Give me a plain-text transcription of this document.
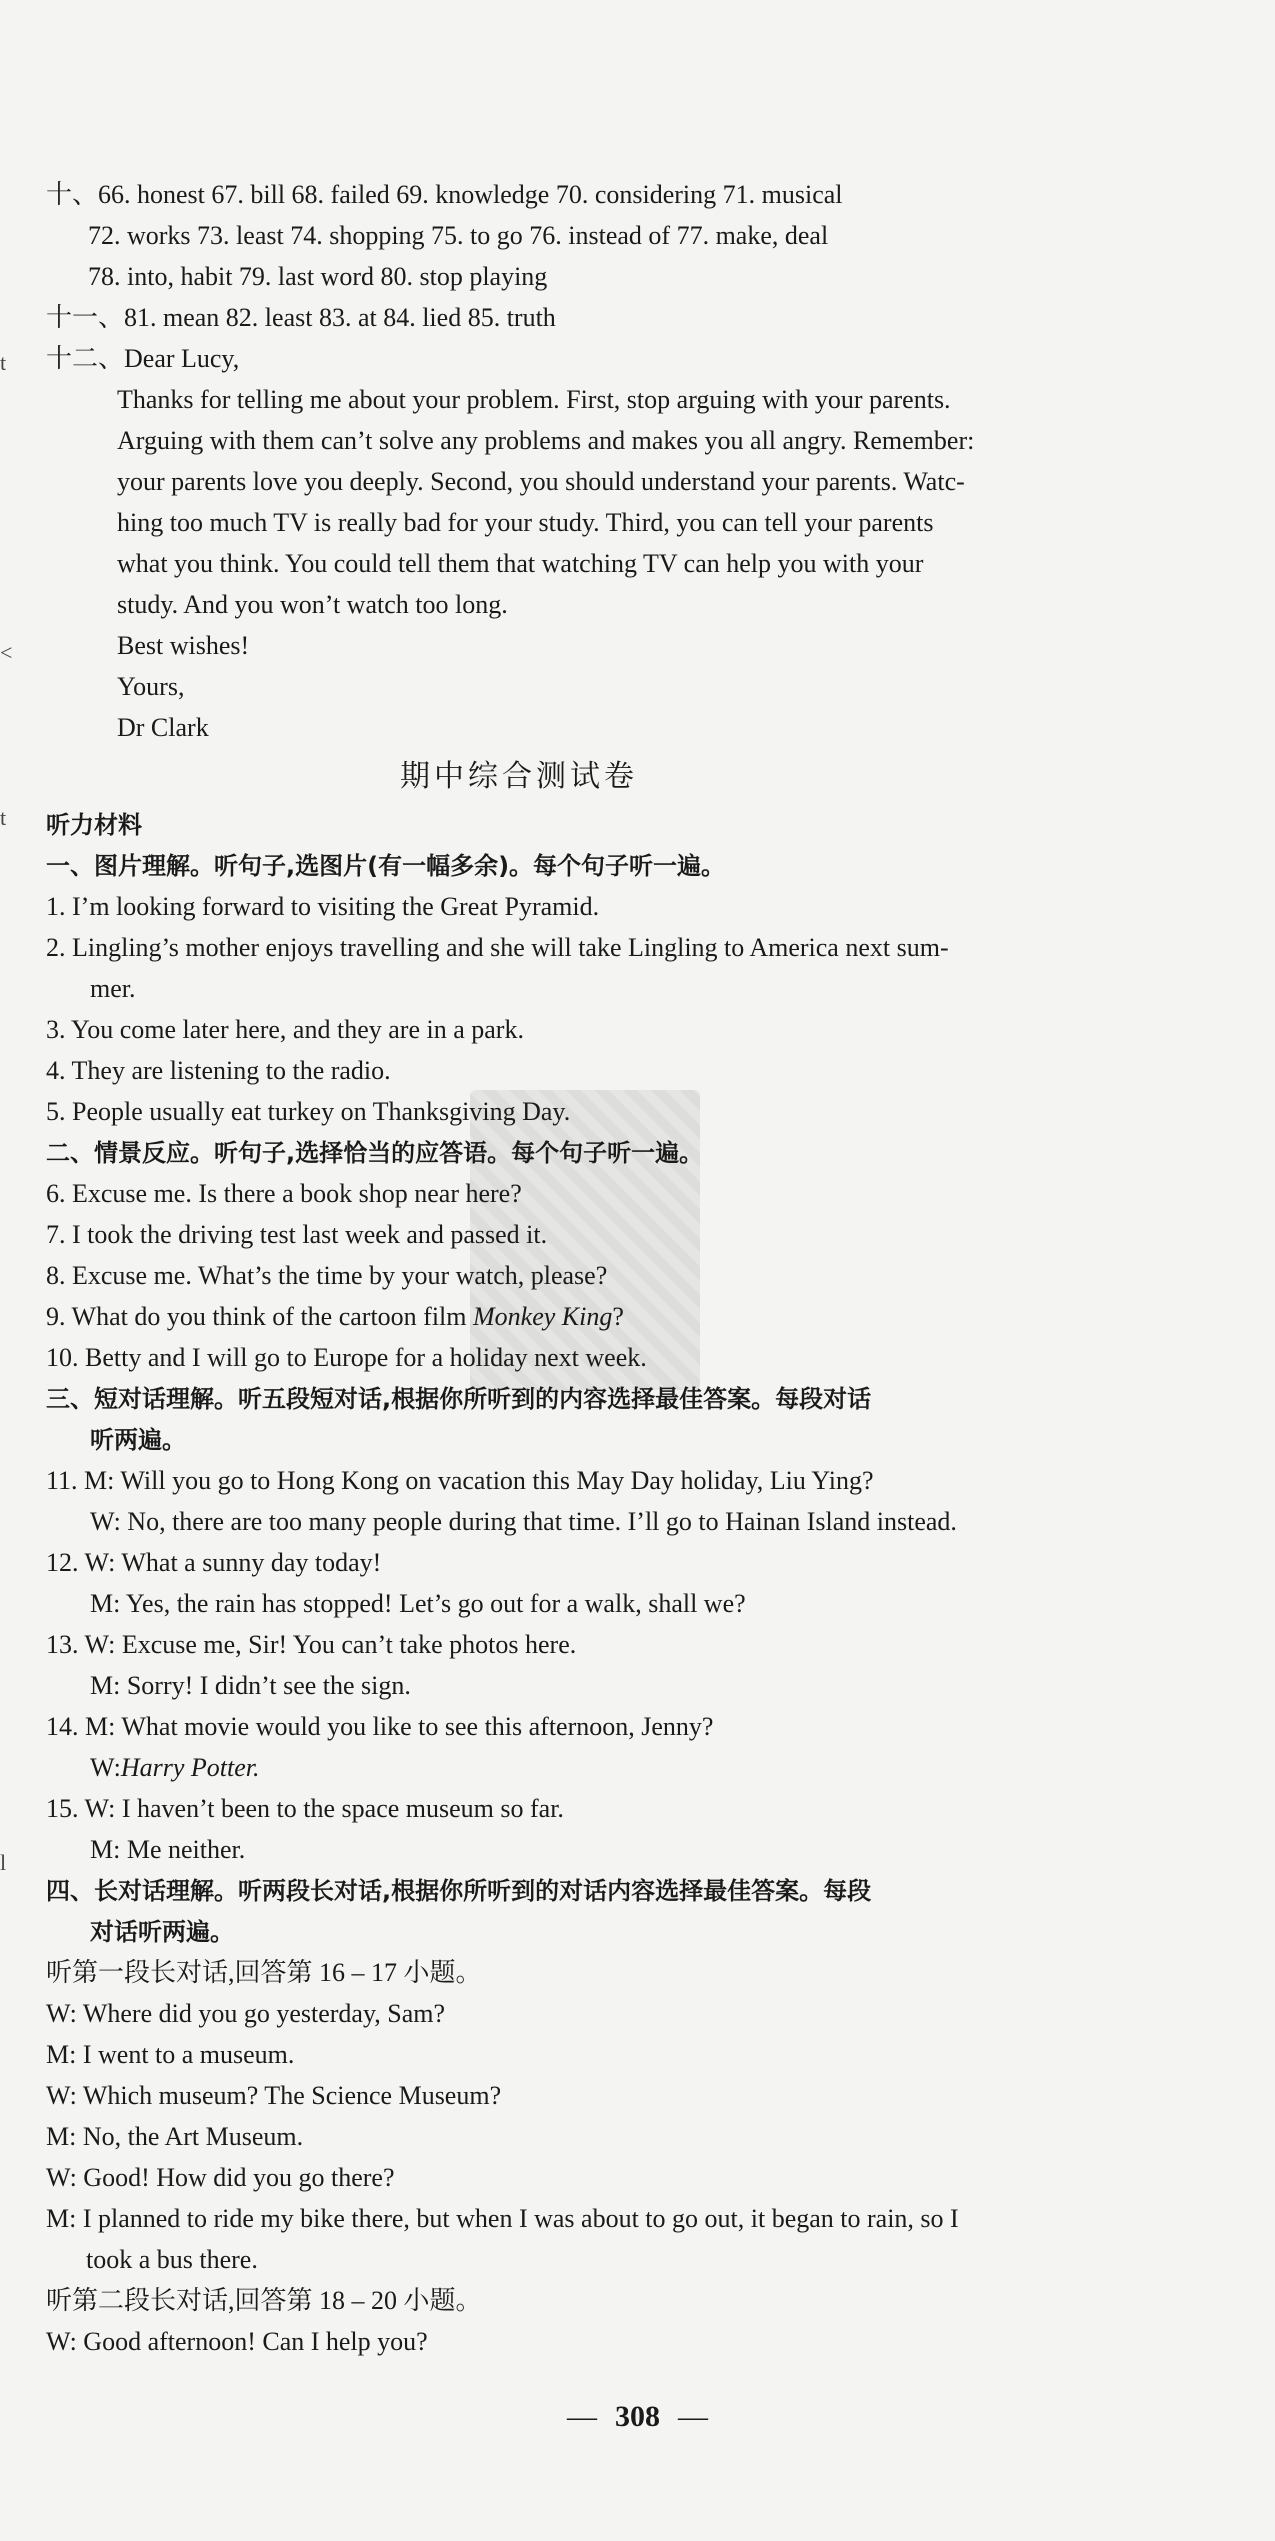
t
<
t
l
十、66. honest 67. bill 68. failed 69. knowledge 70. considering 71. musical
72. works 73. least 74. shopping 75. to go 76. instead of 77. make, deal
78. into, habit 79. last word 80. stop playing
十一、81. mean 82. least 83. at 84. lied 85. truth
十二、Dear Lucy,
Thanks for telling me about your problem. First, stop arguing with your parents.
Arguing with them can’t solve any problems and makes you all angry. Remember:
your parents love you deeply. Second, you should understand your parents. Watc-
hing too much TV is really bad for your study. Third, you can tell your parents
what you think. You could tell them that watching TV can help you with your
study. And you won’t watch too long.
Best wishes!
Yours,
Dr Clark
期中综合测试卷
听力材料
一、图片理解。听句子,选图片(有一幅多余)。每个句子听一遍。
1. I’m looking forward to visiting the Great Pyramid.
2. Lingling’s mother enjoys travelling and she will take Lingling to America next sum-
mer.
3. You come later here, and they are in a park.
4. They are listening to the radio.
5. People usually eat turkey on Thanksgiving Day.
二、情景反应。听句子,选择恰当的应答语。每个句子听一遍。
6. Excuse me. Is there a book shop near here?
7. I took the driving test last week and passed it.
8. Excuse me. What’s the time by your watch, please?
9. What do you think of the cartoon film Monkey King?
10. Betty and I will go to Europe for a holiday next week.
三、短对话理解。听五段短对话,根据你所听到的内容选择最佳答案。每段对话
听两遍。
11. M: Will you go to Hong Kong on vacation this May Day holiday, Liu Ying?
W: No, there are too many people during that time. I’ll go to Hainan Island instead.
12. W: What a sunny day today!
M: Yes, the rain has stopped! Let’s go out for a walk, shall we?
13. W: Excuse me, Sir! You can’t take photos here.
M: Sorry! I didn’t see the sign.
14. M: What movie would you like to see this afternoon, Jenny?
W:Harry Potter.
15. W: I haven’t been to the space museum so far.
M: Me neither.
四、长对话理解。听两段长对话,根据你所听到的对话内容选择最佳答案。每段
对话听两遍。
听第一段长对话,回答第 16 – 17 小题。
W: Where did you go yesterday, Sam?
M: I went to a museum.
W: Which museum? The Science Museum?
M: No, the Art Museum.
W: Good! How did you go there?
M: I planned to ride my bike there, but when I was about to go out, it began to rain, so I
took a bus there.
听第二段长对话,回答第 18 – 20 小题。
W: Good afternoon! Can I help you?
— 308 —
